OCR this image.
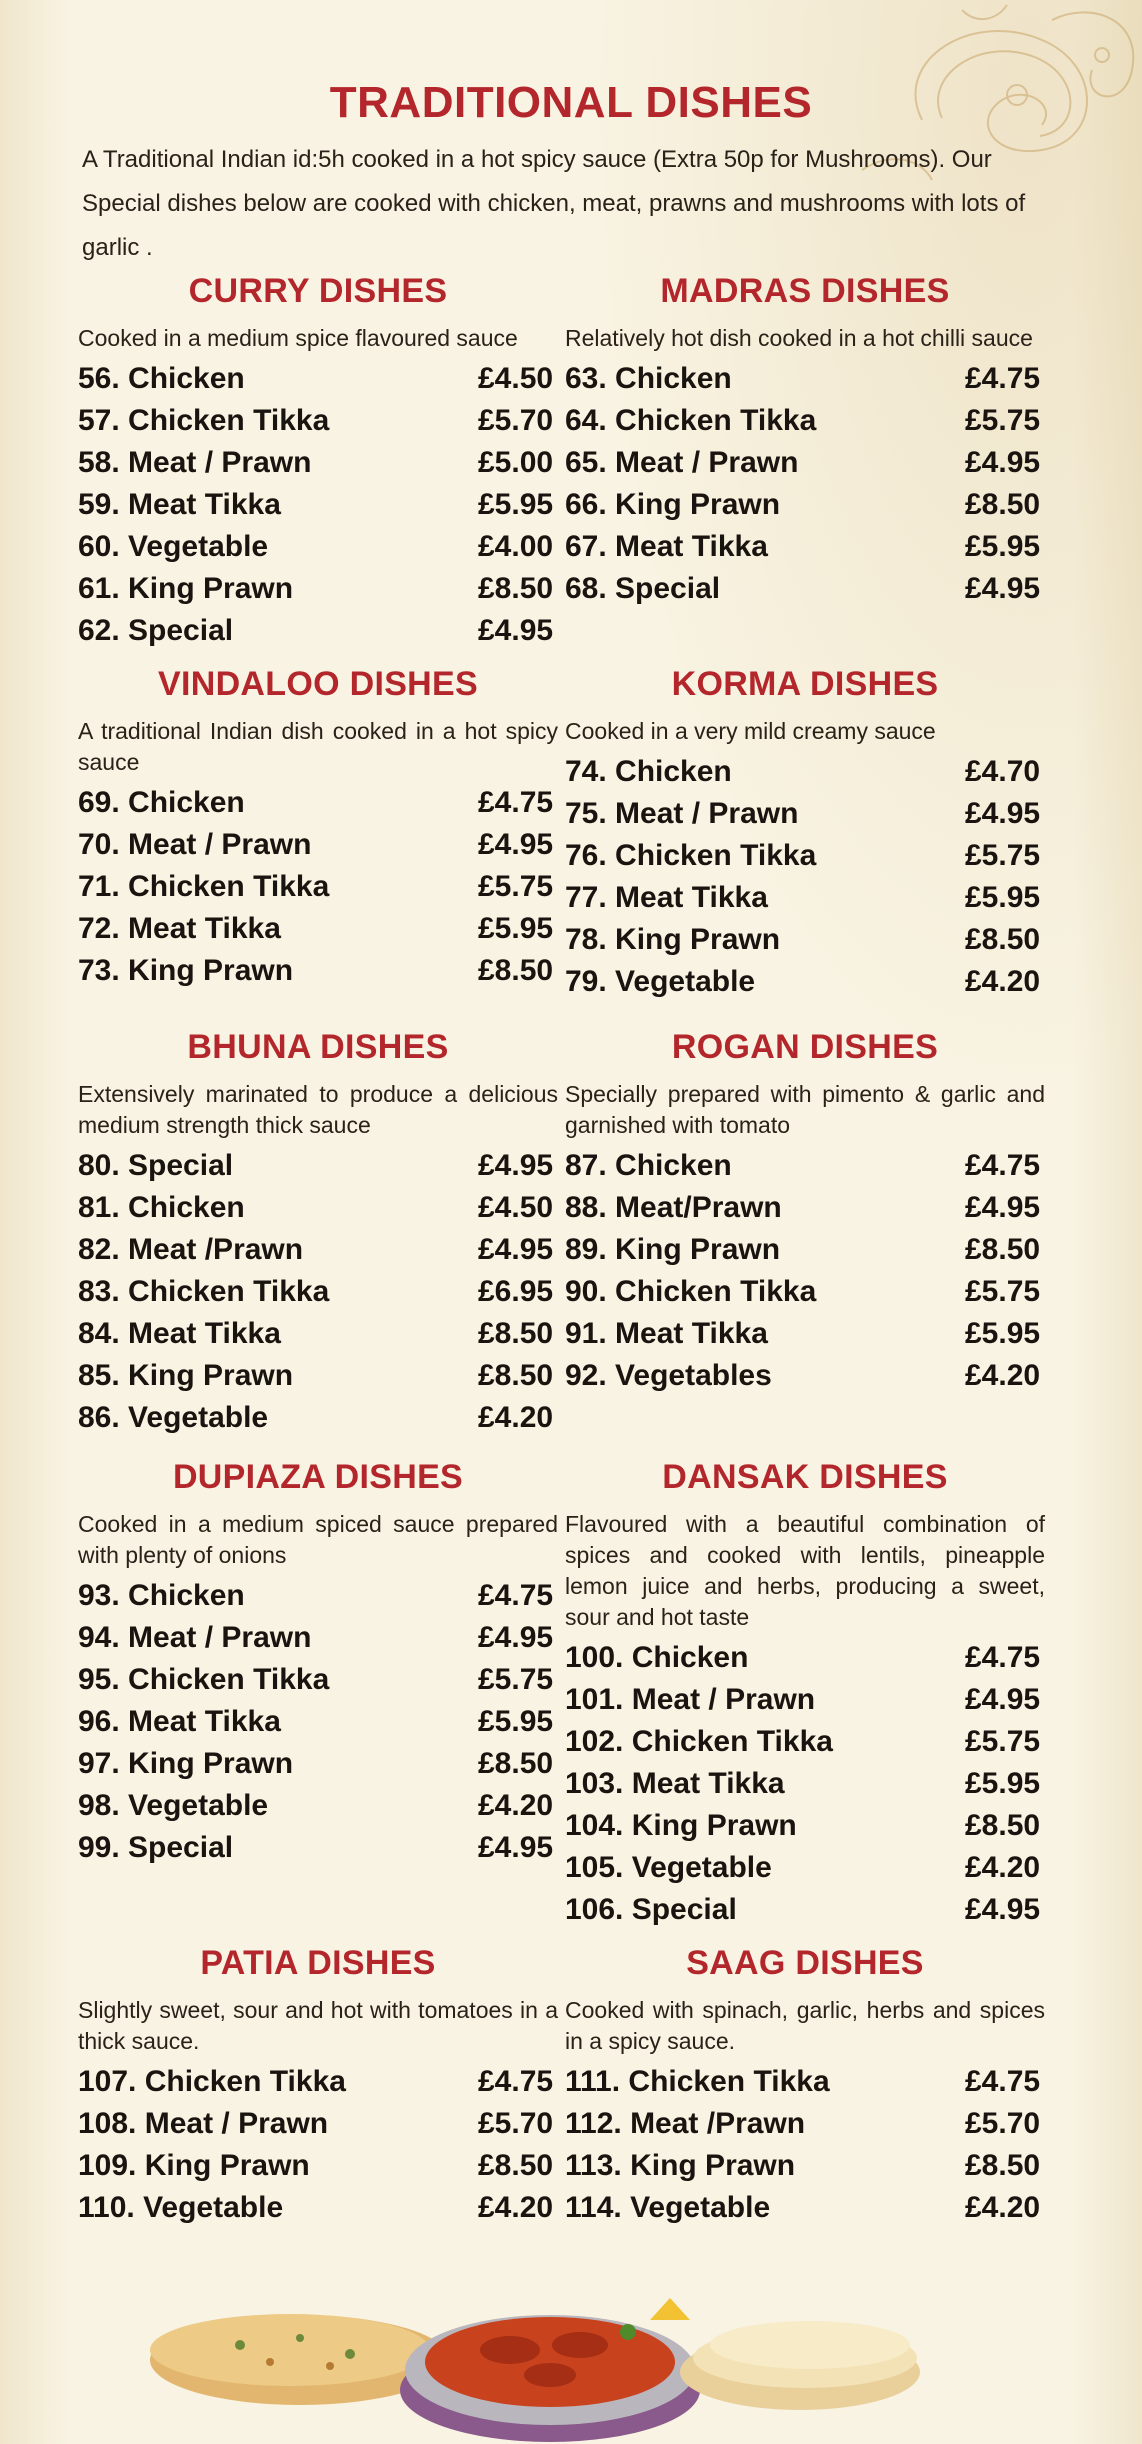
TRADITIONAL DISHES
A Traditional Indian id:5h cooked in a hot spicy sauce (Extra 50p for Mushrooms). Our Special dishes below are cooked with chicken, meat, prawns and mushrooms with lots of garlic .
CURRY DISHES
Cooked in a medium spice flavoured sauce
56. Chicken	£4.50
57. Chicken Tikka	£5.70
58. Meat / Prawn	£5.00
59. Meat Tikka	£5.95
60. Vegetable	£4.00
61. King Prawn	£8.50
62. Special	£4.95
MADRAS DISHES
Relatively hot dish cooked in a hot chilli sauce
63. Chicken	£4.75
64. Chicken Tikka	£5.75
65. Meat / Prawn	£4.95
66. King Prawn	£8.50
67. Meat Tikka	£5.95
68. Special	£4.95
VINDALOO DISHES
A traditional Indian dish cooked in a hot spicy sauce
69. Chicken	£4.75
70. Meat / Prawn	£4.95
71. Chicken Tikka	£5.75
72. Meat Tikka	£5.95
73. King Prawn	£8.50
KORMA DISHES
Cooked in a very mild creamy sauce
74. Chicken	£4.70
75. Meat / Prawn	£4.95
76. Chicken Tikka	£5.75
77. Meat Tikka	£5.95
78. King Prawn	£8.50
79. Vegetable	£4.20
BHUNA DISHES
Extensively marinated to produce a delicious medium strength thick sauce
80. Special	£4.95
81. Chicken	£4.50
82. Meat /Prawn	£4.95
83. Chicken Tikka	£6.95
84. Meat Tikka	£8.50
85. King Prawn	£8.50
86. Vegetable	£4.20
ROGAN DISHES
Specially prepared with pimento & garlic and garnished with tomato
87. Chicken	£4.75
88. Meat/Prawn	£4.95
89. King Prawn	£8.50
90. Chicken Tikka	£5.75
91. Meat Tikka	£5.95
92. Vegetables	£4.20
DUPIAZA DISHES
Cooked in a medium spiced sauce prepared with plenty of onions
93. Chicken	£4.75
94. Meat / Prawn	£4.95
95. Chicken Tikka	£5.75
96. Meat Tikka	£5.95
97. King Prawn	£8.50
98. Vegetable	£4.20
99. Special	£4.95
DANSAK DISHES
Flavoured with a beautiful combination of spices and cooked with lentils, pineapple lemon juice and herbs, producing a sweet, sour and hot taste
100. Chicken	£4.75
101. Meat / Prawn	£4.95
102. Chicken Tikka	£5.75
103. Meat Tikka	£5.95
104. King Prawn	£8.50
105. Vegetable	£4.20
106. Special	£4.95
PATIA DISHES
Slightly sweet, sour and hot with tomatoes in a thick sauce.
107. Chicken Tikka	£4.75
108. Meat / Prawn	£5.70
109. King Prawn	£8.50
110. Vegetable	£4.20
SAAG DISHES
Cooked with spinach, garlic, herbs and spices in a spicy sauce.
111. Chicken Tikka	£4.75
112. Meat /Prawn	£5.70
113. King Prawn	£8.50
114. Vegetable	£4.20
